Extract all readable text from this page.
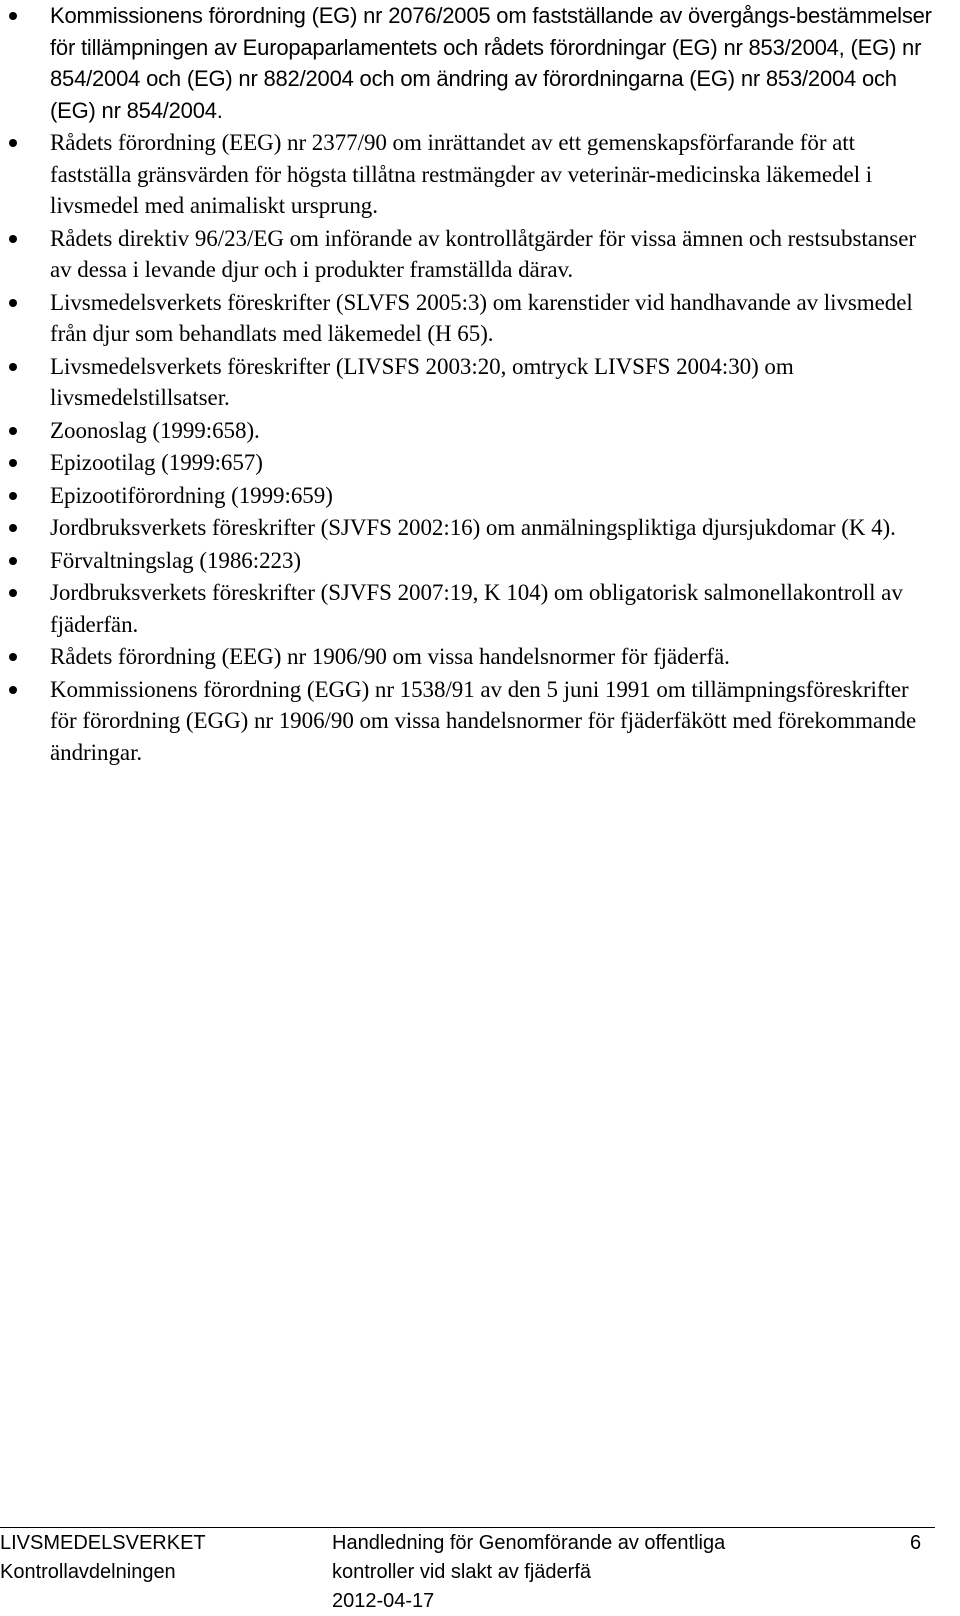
Kommissionens förordning (EG) nr 2076/2005 om fastställande av övergångs-bestämmelser för tillämpningen av Europaparlamentets och rådets förordningar (EG) nr 853/2004, (EG) nr 854/2004 och (EG) nr 882/2004 och om ändring av förordningarna (EG) nr 853/2004 och (EG) nr 854/2004.
Rådets förordning (EEG) nr 2377/90 om inrättandet av ett gemenskapsförfarande för att fastställa gränsvärden för högsta tillåtna restmängder av veterinär-medicinska läkemedel i livsmedel med animaliskt ursprung.
Rådets direktiv 96/23/EG om införande av kontrollåtgärder för vissa ämnen och restsubstanser av dessa i levande djur och i produkter framställda därav.
Livsmedelsverkets föreskrifter (SLVFS 2005:3) om karenstider vid handhavande av livsmedel från djur som behandlats med läkemedel (H 65).
Livsmedelsverkets föreskrifter (LIVSFS 2003:20, omtryck LIVSFS 2004:30) om livsmedelstillsatser.
Zoonoslag (1999:658).
Epizootilag (1999:657)
Epizootiförordning (1999:659)
Jordbruksverkets föreskrifter (SJVFS 2002:16) om anmälningspliktiga djursjukdomar (K 4).
Förvaltningslag (1986:223)
Jordbruksverkets föreskrifter (SJVFS 2007:19, K 104) om obligatorisk salmonellakontroll av fjäderfän.
Rådets förordning (EEG) nr 1906/90 om vissa handelsnormer för fjäderfä.
Kommissionens förordning (EGG) nr 1538/91 av den 5 juni 1991 om tillämpningsföreskrifter för förordning (EGG) nr 1906/90 om vissa handelsnormer för fjäderfäkött med förekommande ändringar.
LIVSMEDELSVERKET
Kontrollavdelningen
Handledning för Genomförande av offentliga
kontroller vid slakt av fjäderfä
2012-04-17
6
